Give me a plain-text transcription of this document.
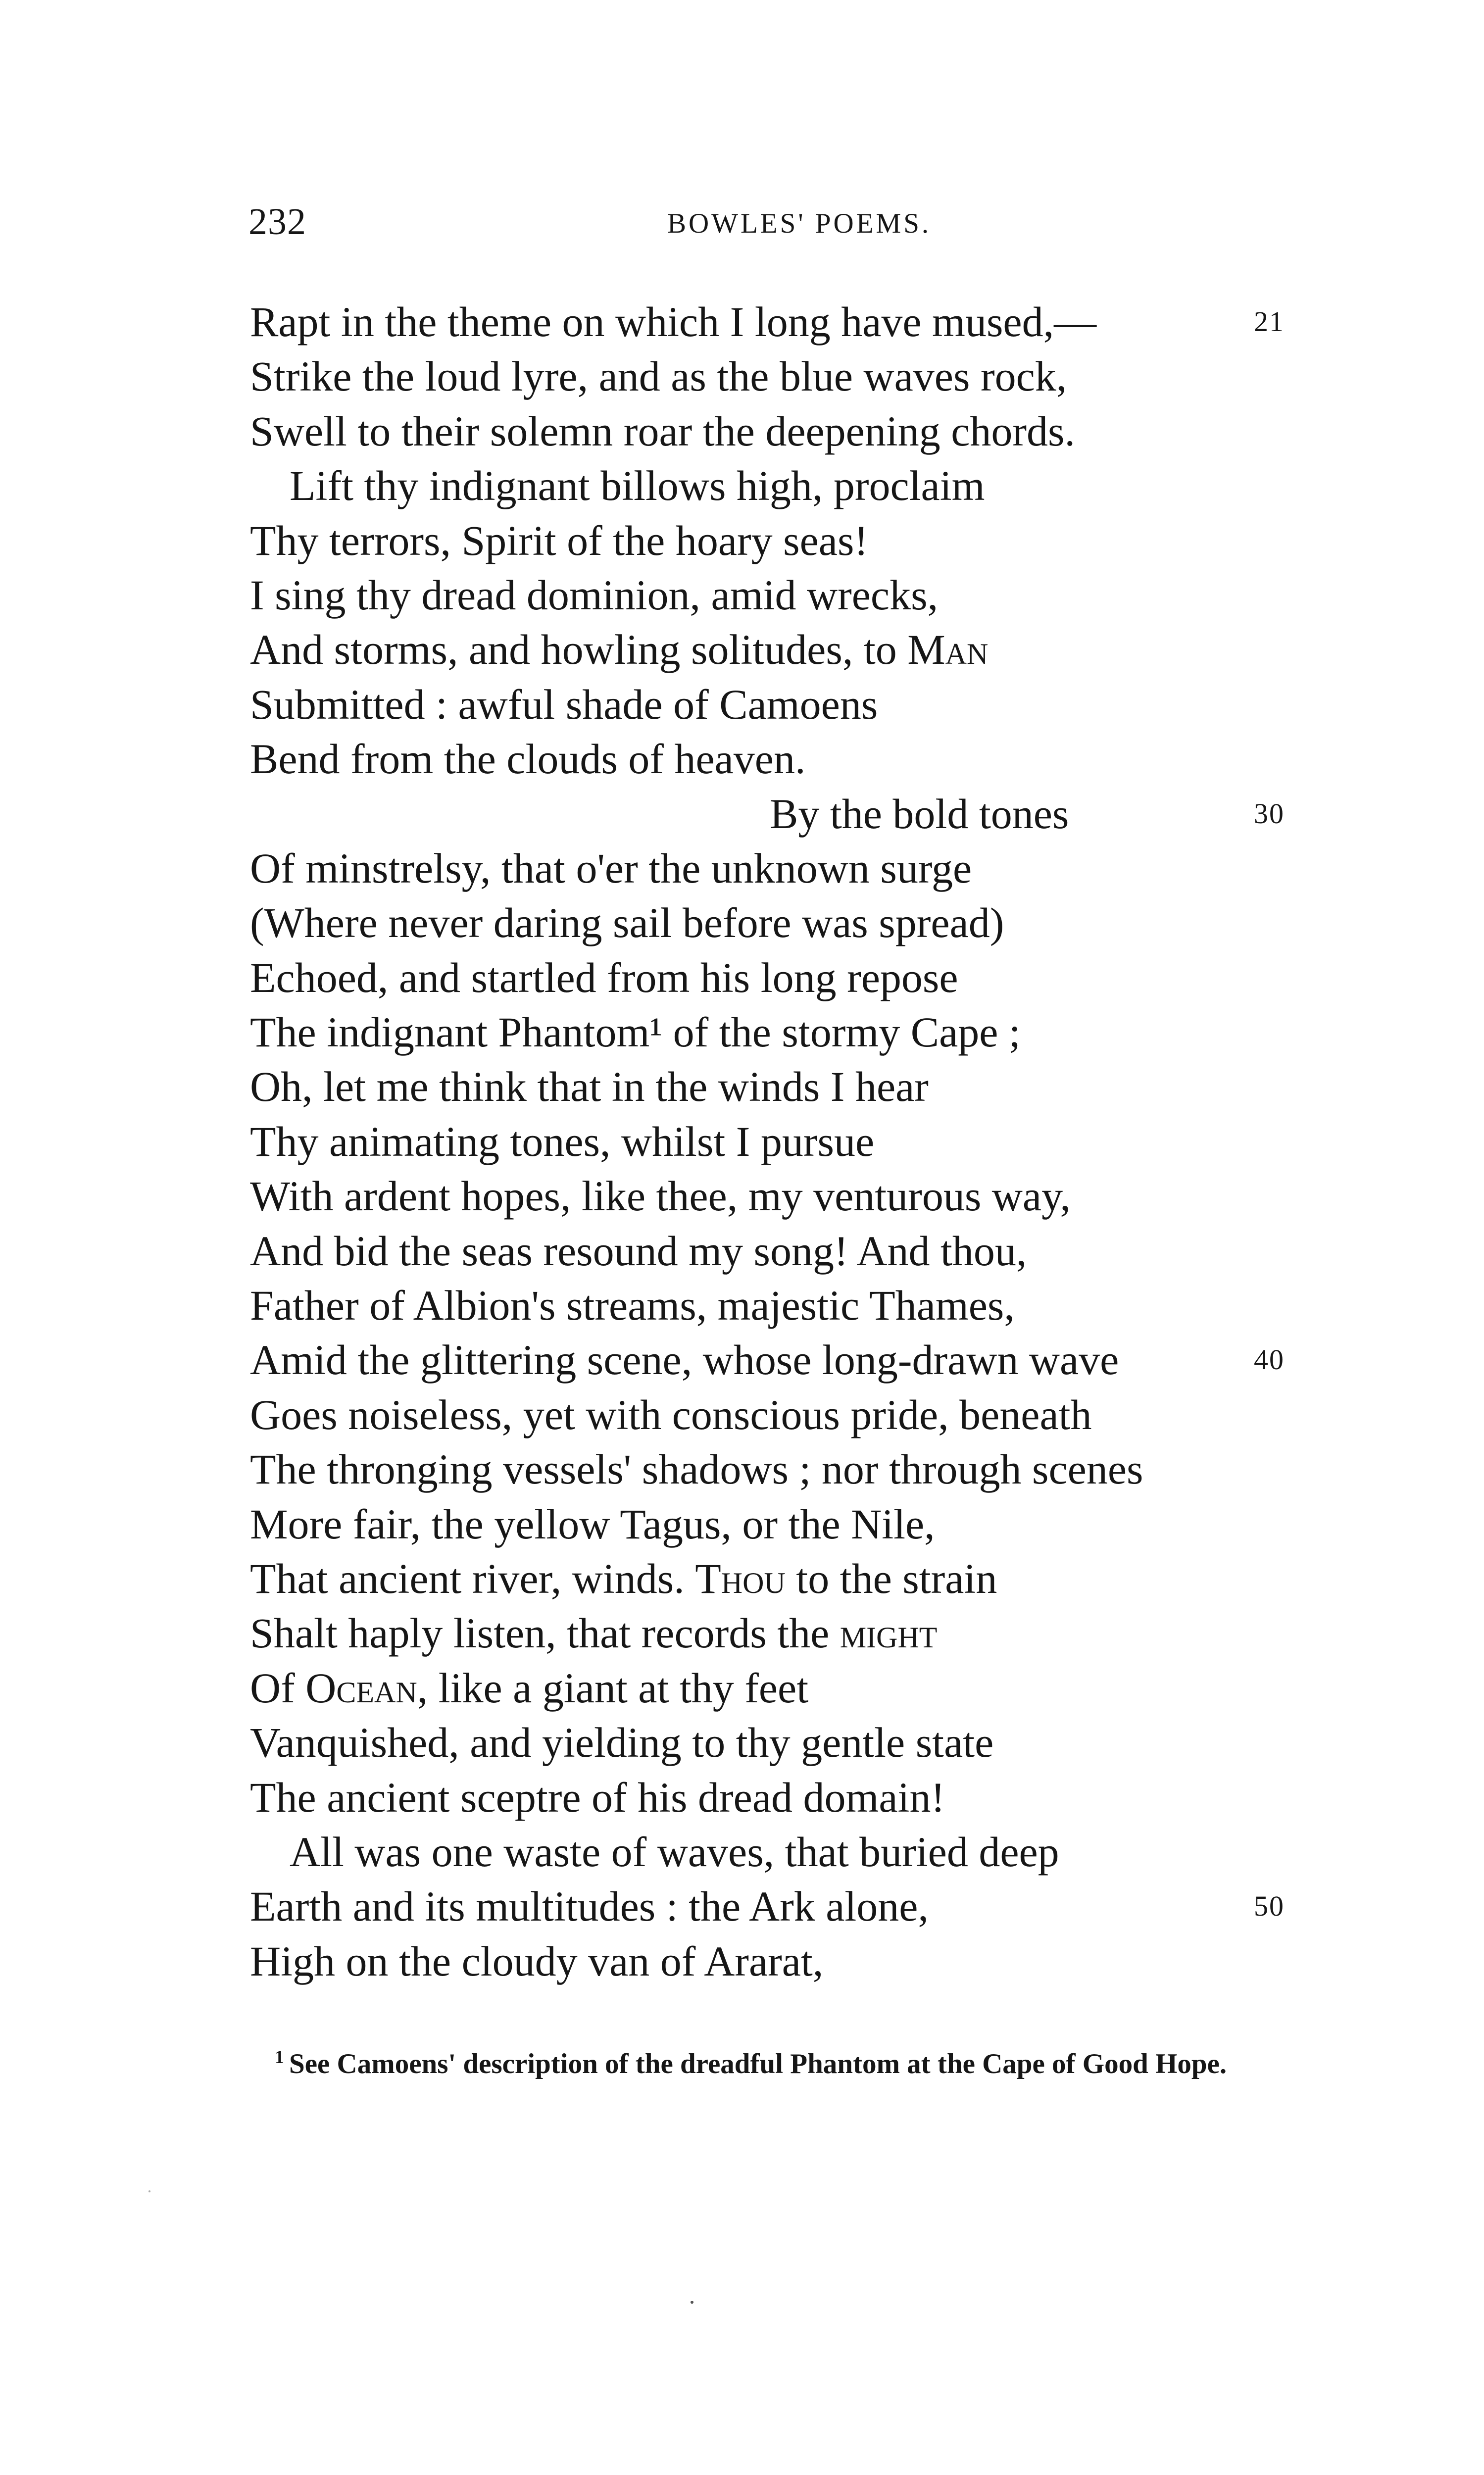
232	BOWLES' POEMS.
Rapt in the theme on which I long have mused,—	21
Strike the loud lyre, and as the blue waves rock,
Swell to their solemn roar the deepening chords.
Lift thy indignant billows high, proclaim
Thy terrors, Spirit of the hoary seas!
I sing thy dread dominion, amid wrecks,
And storms, and howling solitudes, to Man
Submitted : awful shade of Camoens
Bend from the clouds of heaven.
By the bold tones	30
Of minstrelsy, that o'er the unknown surge
(Where never daring sail before was spread)
Echoed, and startled from his long repose
The indignant Phantom¹ of the stormy Cape ;
Oh, let me think that in the winds I hear
Thy animating tones, whilst I pursue
With ardent hopes, like thee, my venturous way,
And bid the seas resound my song! And thou,
Father of Albion's streams, majestic Thames,
Amid the glittering scene, whose long-drawn wave	40
Goes noiseless, yet with conscious pride, beneath
The thronging vessels' shadows ; nor through scenes
More fair, the yellow Tagus, or the Nile,
That ancient river, winds. Thou to the strain
Shalt haply listen, that records the might
Of Ocean, like a giant at thy feet
Vanquished, and yielding to thy gentle state
The ancient sceptre of his dread domain!
All was one waste of waves, that buried deep
Earth and its multitudes : the Ark alone,	50
High on the cloudy van of Ararat,
$^1$ See Camoens' description of the dreadful Phantom at the Cape of Good Hope.
